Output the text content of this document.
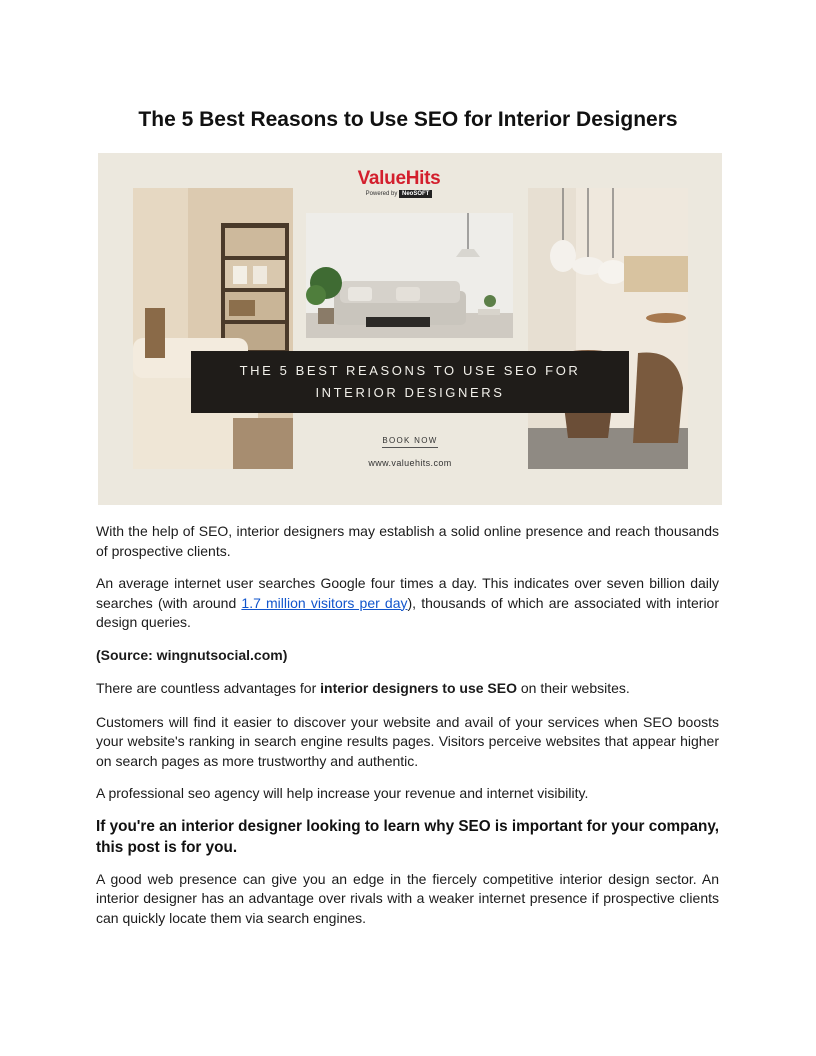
The 5 Best Reasons to Use SEO for Interior Designers
ValueHits
Powered by NeoSOFT
THE 5 BEST REASONS TO USE SEO FOR
INTERIOR DESIGNERS
BOOK NOW
www.valuehits.com

With the help of SEO, interior designers may establish a solid online presence and reach thousands of prospective clients.

An average internet user searches Google four times a day. This indicates over seven billion daily searches (with around 1.7 million visitors per day), thousands of which are associated with interior design queries.

(Source: wingnutsocial.com)

There are countless advantages for interior designers to use SEO on their websites.

Customers will find it easier to discover your website and avail of your services when SEO boosts your website's ranking in search engine results pages. Visitors perceive websites that appear higher on search pages as more trustworthy and authentic.

A professional seo agency will help increase your revenue and internet visibility.

If you're an interior designer looking to learn why SEO is important for your company, this post is for you.

A good web presence can give you an edge in the fiercely competitive interior design sector. An interior designer has an advantage over rivals with a weaker internet presence if prospective clients can quickly locate them via search engines.
